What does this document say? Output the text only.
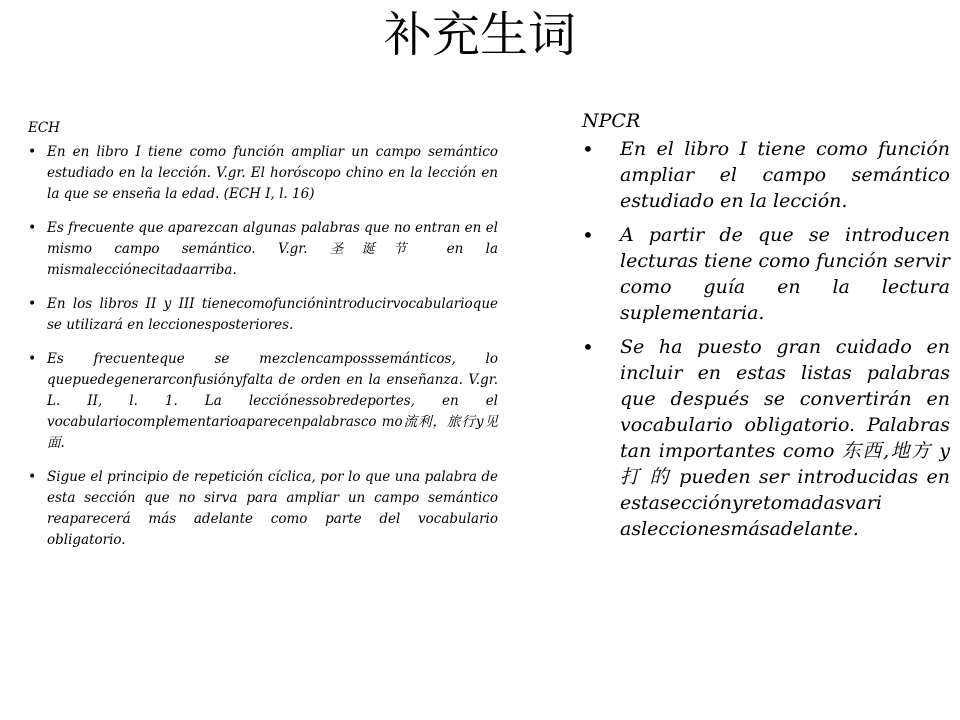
补充生词
ECH
• En en libro I tiene como función ampliar un campo semántico estudiado en la lección. V.gr. El horóscopo chino en la lección en la que se enseña la edad. (ECH I, l. 16)
• Es frecuente que aparezcan algunas palabras que no entran en el mismo campo semántico. V.gr. 圣诞节 en la mismalecciónecitadaarriba.
• En los libros II y III tienecomofunciónintroducirvocabularioque se utilizará en leccionesposteriores.
• Es frecuenteque se mezclencamposssemánticos, lo quepuedegenerarconfusiónyfalta de orden en la enseñanza. V.gr. L. II, l. 1. La lecciónessobredeportes, en el vocabulariocomplementarioaparecenpalabrasco mo流利，旅行y见面.
• Sigue el principio de repetición cíclica, por lo que una palabra de esta sección que no sirva para ampliar un campo semántico reaparecerá más adelante como parte del vocabulario obligatorio.
NPCR
• En el libro I tiene como función ampliar el campo semántico estudiado en la lección.
• A partir de que se introducen lecturas tiene como función servir como guía en la lectura suplementaria.
• Se ha puesto gran cuidado en incluir en estas listas palabras que después se convertirán en vocabulario obligatorio. Palabras tan importantes como 东西,地方 y 打 的 pueden ser introducidas en estasecciónyretomadasvari asleccionesmásadelante.
